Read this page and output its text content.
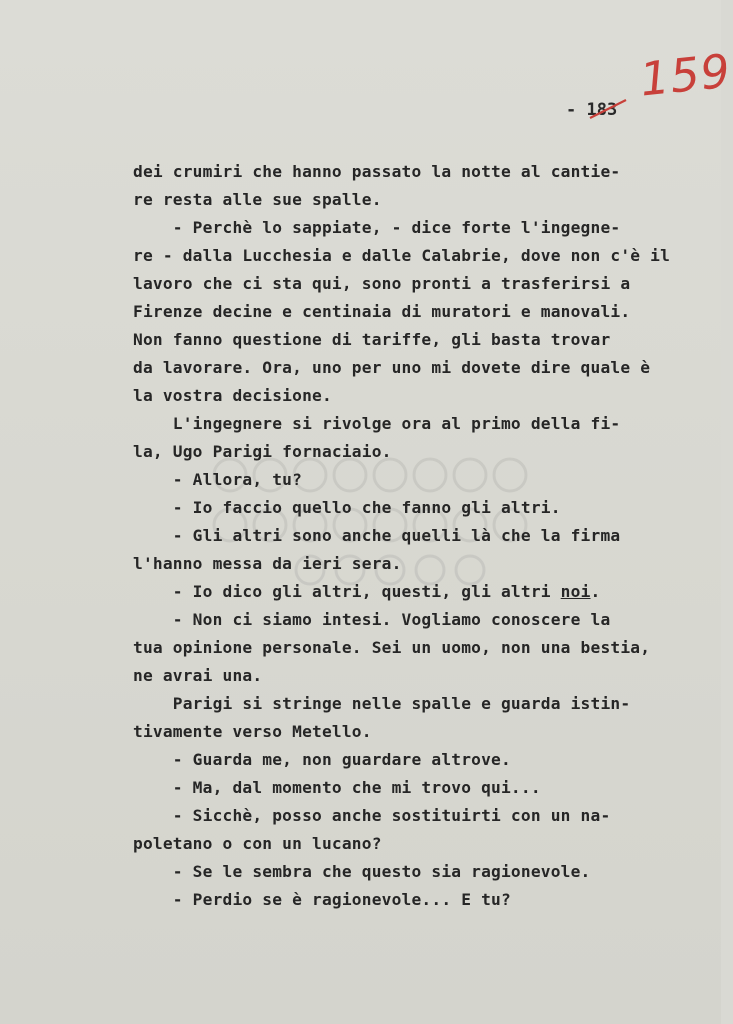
159
- 183
dei crumiri che hanno passato la notte al cantie-
re resta alle sue spalle.
- Perchè lo sappiate, - dice forte l'ingegne-
re - dalla Lucchesia e dalle Calabrie, dove non c'è il
lavoro che ci sta qui, sono pronti a trasferirsi a
Firenze decine e centinaia di muratori e manovali.
Non fanno questione di tariffe, gli basta trovar
da lavorare. Ora, uno per uno mi dovete dire quale è
la vostra decisione.
L'ingegnere si rivolge ora al primo della fi-
la, Ugo Parigi fornaciaio.
- Allora, tu?
- Io faccio quello che fanno gli altri.
- Gli altri sono anche quelli là che la firma
l'hanno messa da ieri sera.
- Io dico gli altri, questi, gli altri noi.
- Non ci siamo intesi. Vogliamo conoscere la
tua opinione personale. Sei un uomo, non una bestia,
ne avrai una.
Parigi si stringe nelle spalle e guarda istin-
tivamente verso Metello.
- Guarda me, non guardare altrove.
- Ma, dal momento che mi trovo qui...
- Sicchè, posso anche sostituirti con un na-
poletano o con un lucano?
- Se le sembra che questo sia ragionevole.
- Perdio se è ragionevole... E tu?
